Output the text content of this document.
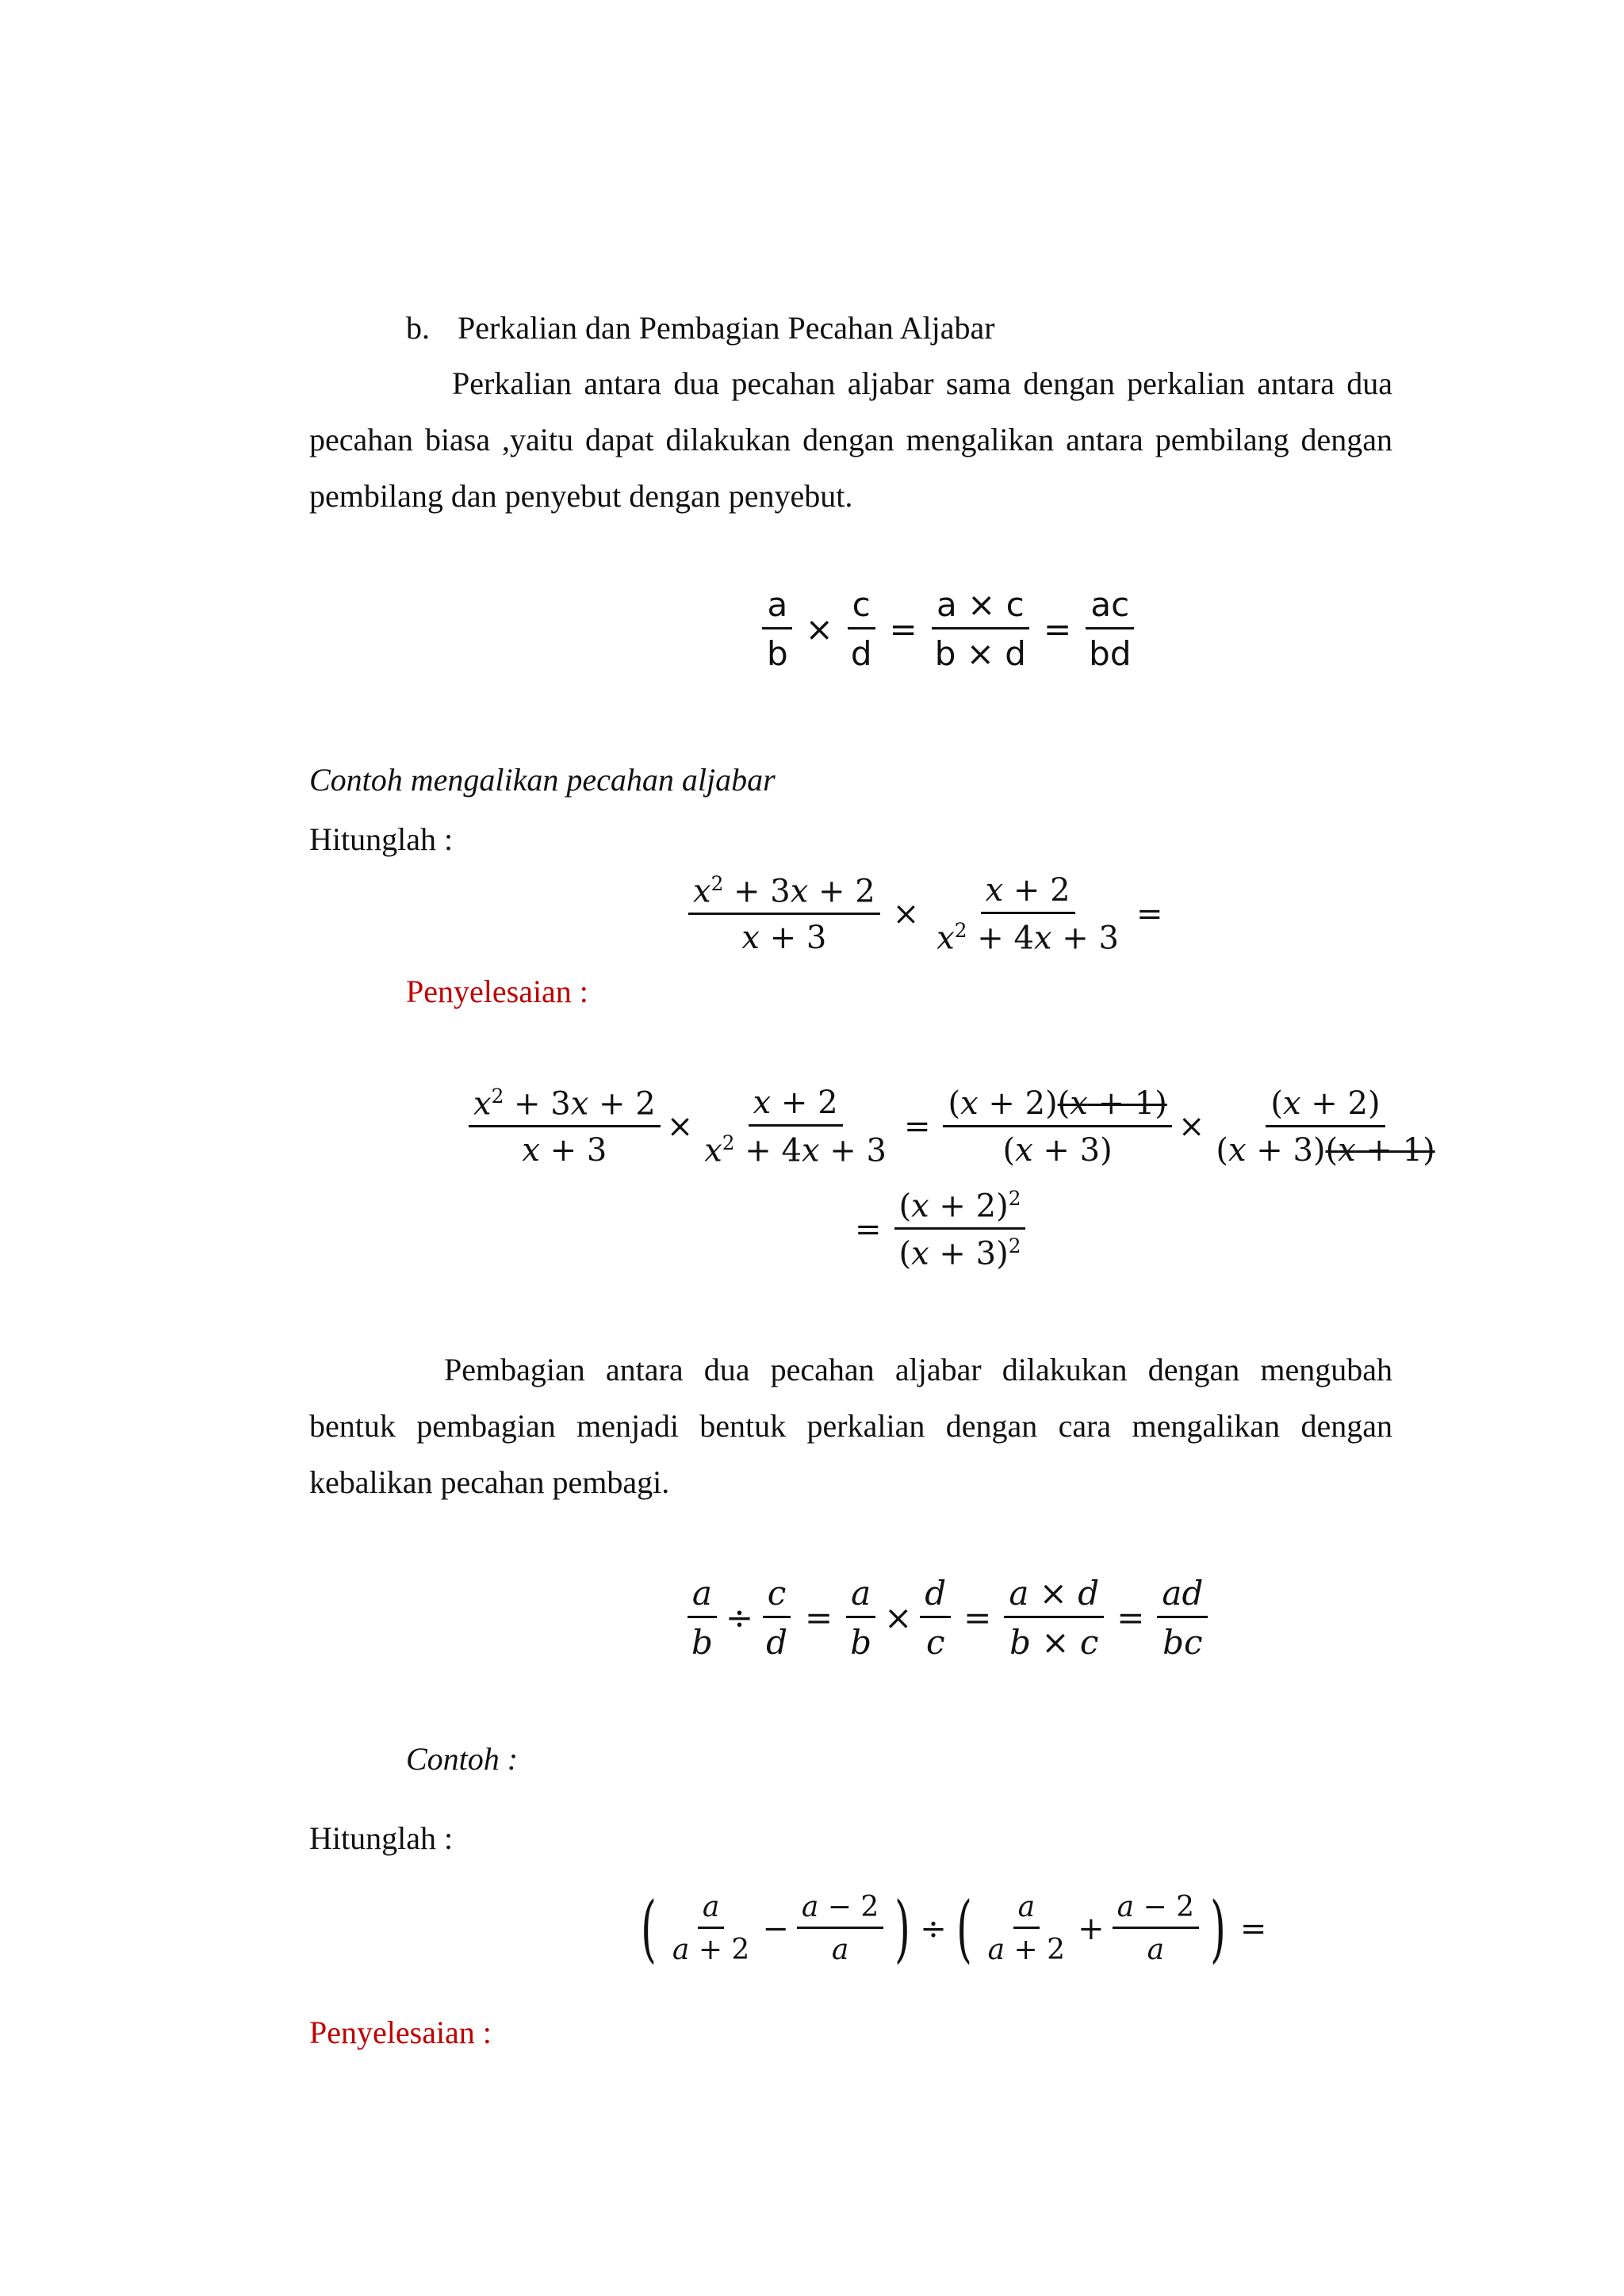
b. Perkalian dan Pembagian Pecahan Aljabar

Perkalian antara dua pecahan aljabar sama dengan perkalian antara dua

pecahan biasa ,yaitu dapat dilakukan dengan mengalikan antara pembilang dengan

pembilang dan penyebut dengan penyebut.

$\frac{a}{b} \times \frac{c}{d} = \frac{a \times c}{b \times d} = \frac{ac}{bd}$
Contoh mengalikan pecahan aljabar
Hitunglah :
$\frac{x^2 + 3x + 2}{x + 3} \times \frac{x + 2}{x^2 + 4x + 3}$ =
Penyelesaian :
$\frac{x^2 + 3x + 2}{x + 3} \times \frac{x + 2}{x^2 + 4x + 3} = \frac{(x + 2)(x + 1)}{(x + 3)} \times \frac{(x + 2)}{(x + 3)(x + 1)}$
= $\frac{(x + 2)^2}{(x + 3)^2}$

Pembagian antara dua pecahan aljabar dilakukan dengan mengubah

bentuk pembagian menjadi bentuk perkalian dengan cara mengalikan dengan

kebalikan pecahan pembagi.

$\frac{a}{b} \div \frac{c}{d} = \frac{a}{b} \times \frac{d}{c} = \frac{a \times d}{b \times c} = \frac{ad}{bc}$
Contoh :
Hitunglah :
( $\frac{a}{a + 2} - \frac{a - 2}{a}$ ) ÷ ( $\frac{a}{a + 2} + \frac{a - 2}{a}$ ) =
Penyelesaian :
